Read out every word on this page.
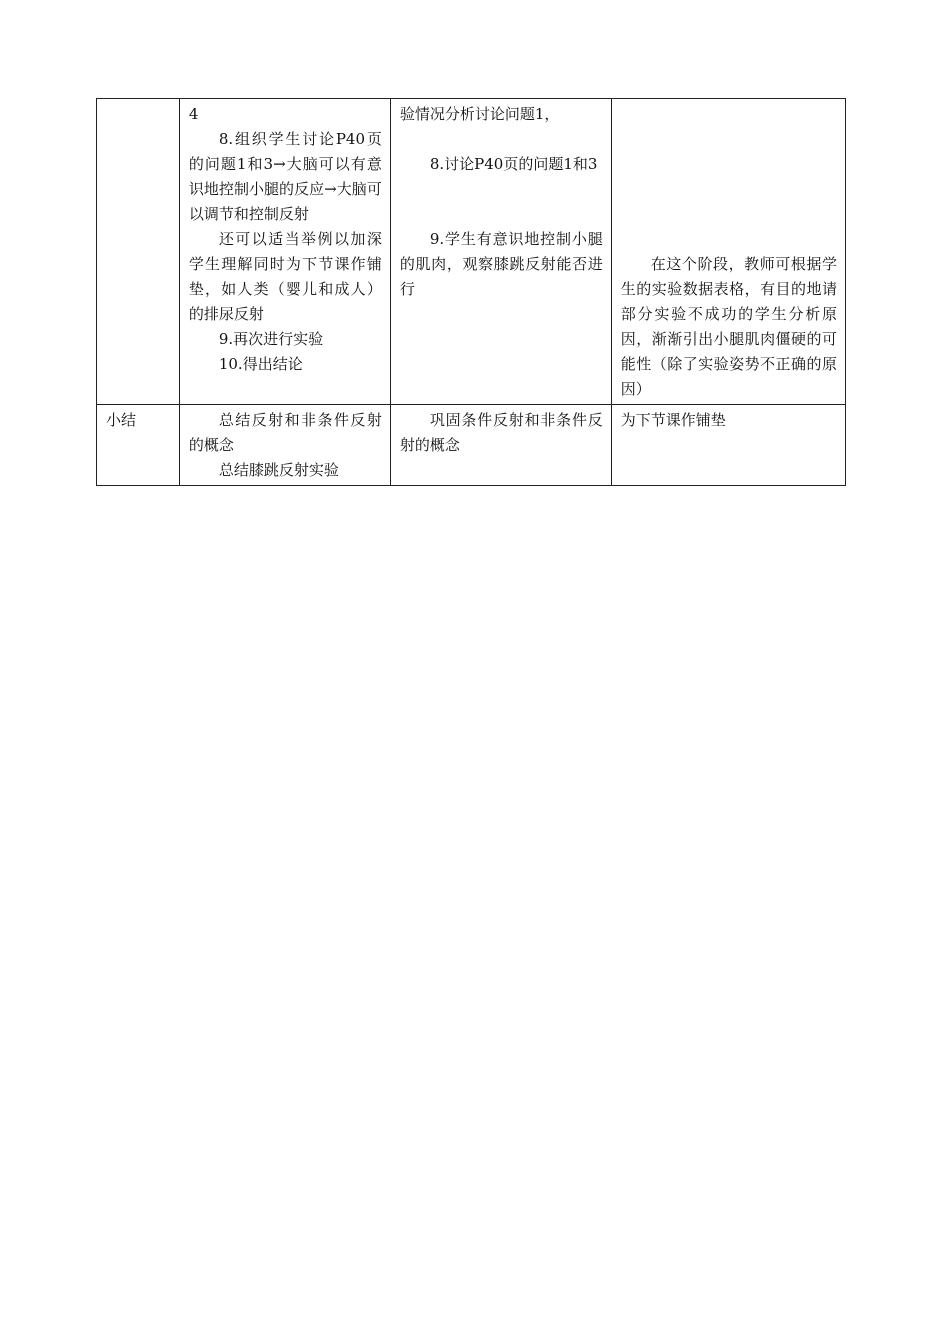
	4
8.组织学生讨论P40页的问题1和3→大脑可以有意识地控制小腿的反应→大脑可以调节和控制反射
还可以适当举例以加深学生理解同时为下节课作铺垫，如人类（婴儿和成人）的排尿反射
9.再次进行实验
10.得出结论	验情况分析讨论问题1，
8.讨论P40页的问题1和3
9.学生有意识地控制小腿的肌肉，观察膝跳反射能否进行	在这个阶段，教师可根据学生的实验数据表格，有目的地请部分实验不成功的学生分析原因，渐渐引出小腿肌肉僵硬的可能性（除了实验姿势不正确的原因）

小结	总结反射和非条件反射的概念
总结膝跳反射实验	巩固条件反射和非条件反射的概念	为下节课作铺垫
